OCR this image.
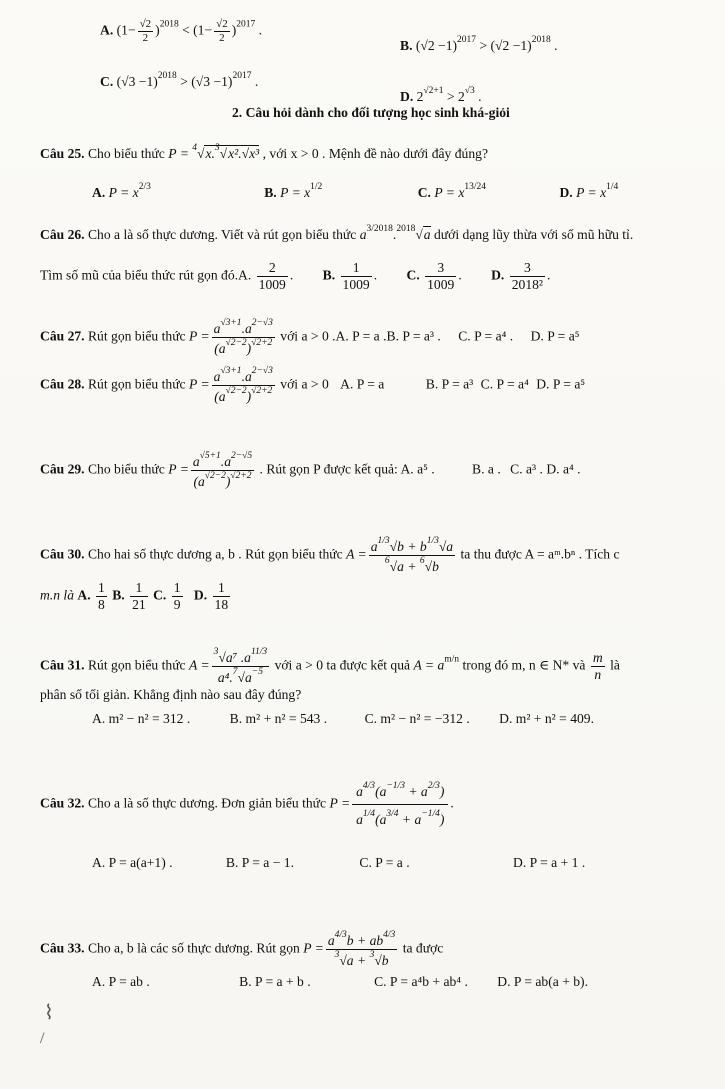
A. $(1- \frac{√2}{2} )^{2018} < (1- \frac{√2}{2} )^{2017}$ .
B. $(√2 -1)^{2017} > (√2 -1)^{2018}$ .
C. $(√3 -1)^{2018} > (√3 -1)^{2017}$ .
D. $2^{√2+1} > 2^{√3}$ .
2. Câu hỏi dành cho đối tượng học sinh khá-giỏi
Câu 25. Cho biểu thức P = $^4$√x.$^3$√x².√x³ , với x > 0 . Mệnh đề nào dưới đây đúng?
A. $P = x^{2/3}$	B. $P = x^{1/2}$	C. $P = x^{13/24}$	D. $P = x^{1/4}$
Câu 26. Cho a là số thực dương. Viết và rút gọn biểu thức $a^{3/2018}.^{2018}√a$ dưới dạng lũy thừa với số mũ hữu tỉ.
Tìm số mũ của biểu thức rút gọn đó.A. $\frac{2}{1009}$ . B. $\frac{1}{1009}$ . C. $\frac{3}{1009}$ . D. $\frac{3}{\text{2018²}}$ .
Câu 27. Rút gọn biểu thức $P = \frac{a^{√3+1}.a^{2-√3}}{(a^{√2-2})^{√2+2}}$ với a > 0 .A. P = a .B. P = a³ . C. P = a⁴ . D. P = a⁵
Câu 28. Rút gọn biểu thức $P = \frac{a^{√3+1}.a^{2-√3}}{(a^{√2-2})^{√2+2}}$ với a > 0 A. P = a	B. P = a³ C. P = a⁴ D. P = a⁵
Câu 29. Cho biểu thức $P = \frac{a^{√5+1}.a^{2-√5}}{(a^{√2-2})^{√2+2}}$ . Rút gọn P được kết quả: A. a⁵ .	B. a . C. a³ . D. a⁴ .
Câu 30. Cho hai số thực dương a, b . Rút gọn biểu thức $A = \frac{a^{1/3}√b + b^{1/3}√a}{^6√a + ^6√b}$ ta thu được A = aᵐ.bⁿ . Tích c
m.n là A. $\frac{1}{8} B$. $\frac{1}{21} C$. $\frac{1}{9} D$. $\frac{1}{18}$
Câu 31. Rút gọn biểu thức $A = \frac{^3√a^7 .a^{11/3}}{a^4.^7√a^{-5}}$ với a > 0 ta được kết quả $A = a^{m/n}$ trong đó m, n ∈ N* và $\frac{m}{n}$ là
phân số tối giản. Khẳng định nào sau đây đúng?
A. m² − n² = 312 .	B. m² + n² = 543 .	C. m² − n² = −312 . D. m² + n² = 409.
Câu 32. Cho a là số thực dương. Đơn giản biểu thức $P = \frac{a^{4/3}(a^{-1/3} + a^{2/3})}{a^{1/4}(a^{3/4} + a^{-1/4})}$ .
A. P = a(a+1) .	B. P = a − 1.	C. P = a .	D. P = a + 1 .
Câu 33. Cho a, b là các số thực dương. Rút gọn $P = \frac{a^{4/3}b + ab^{4/3}}{^3√a + ^3√b}$ ta được
A. P = ab .	B. P = a + b .	C. P = a⁴b + ab⁴ . D. P = ab(a + b).
⌇
/
